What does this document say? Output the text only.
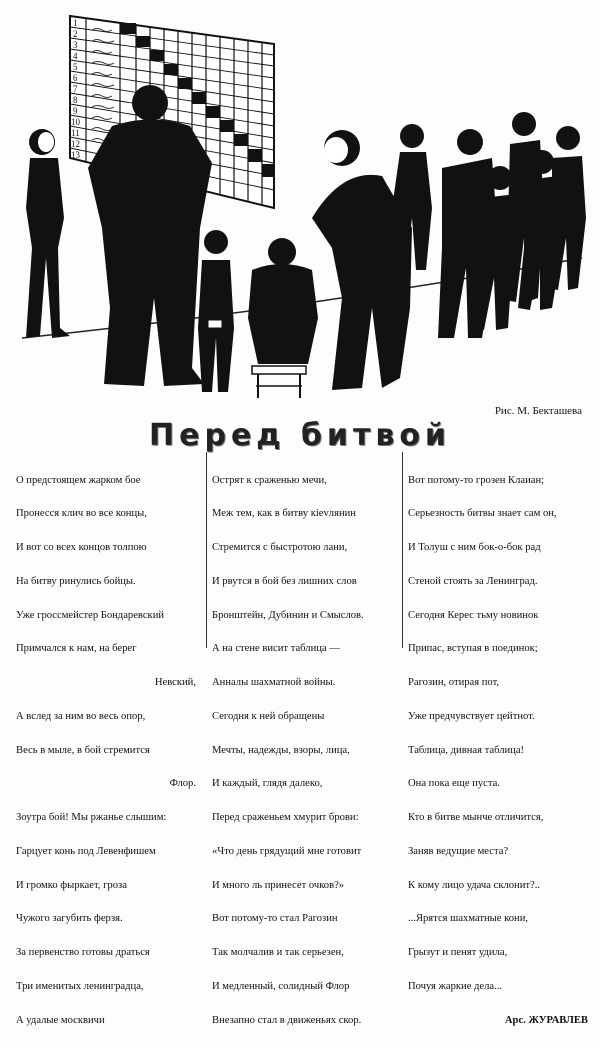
1
2
3
4
5
6
7
8
9
10
11
12
13
Рис. М. Бекташева
Перед битвой

О предстоящем жарком бое

Пронесся клич во все концы,

И вот со всех концов толпою

На битву ринулись бойцы.

Уже гроссмейстер Бондаревский

Примчался к нам, на берег

Невский,

А вслед за ним во весь опор,

Весь в мыле, в бой стремится

Флор.

Зоутра бой! Мы ржанье слышим:

Гарцует конь под Левенфишем

И громко фыркает, гроза

Чужого загубить ферзя.

За первенство готовы драться

Три именитых ленинградца,

А удалые москвичи

Острят к сраженью мечи,

Меж тем, как в битву кievлянин

Стремится с быстротою лани,

И рвутся в бой без лишних слов

Бронштейн, Дубинин и Смыслов.

А на стене висит таблица —

Анналы шахматной войны.

Сегодня к ней обращены

Мечты, надежды, взоры, лица,

И каждый, глядя далеко,

Перед сраженьем хмурит брови:

«Что день грядущий мне готовит

И много ль принесет очков?»

Вот потому-то стал Рагозин

Так молчалив и так серьезен,

И медленный, солидный Флор

Внезапно стал в движеньях скор.

Вот потому-то грозен Клаиан;

Серьезность битвы знает сам он,

И Толуш с ним бок-о-бок рад

Стеной стоять за Ленинград.

Сегодня Керес тьму новинок

Припас, вступая в поединок;

Рагозин, отирая пот,

Уже предчувствует цейтнот.

Таблица, дивная таблица!

Она пока еще пуста.

Кто в битве мынче отличится,

Заняв ведущие места?

К кому лицо удача склонит?..

...Ярятся шахматные кони,

Грызут и пенят удила,

Почуя жаркие дела...

Арс. ЖУРАВЛЕВ
